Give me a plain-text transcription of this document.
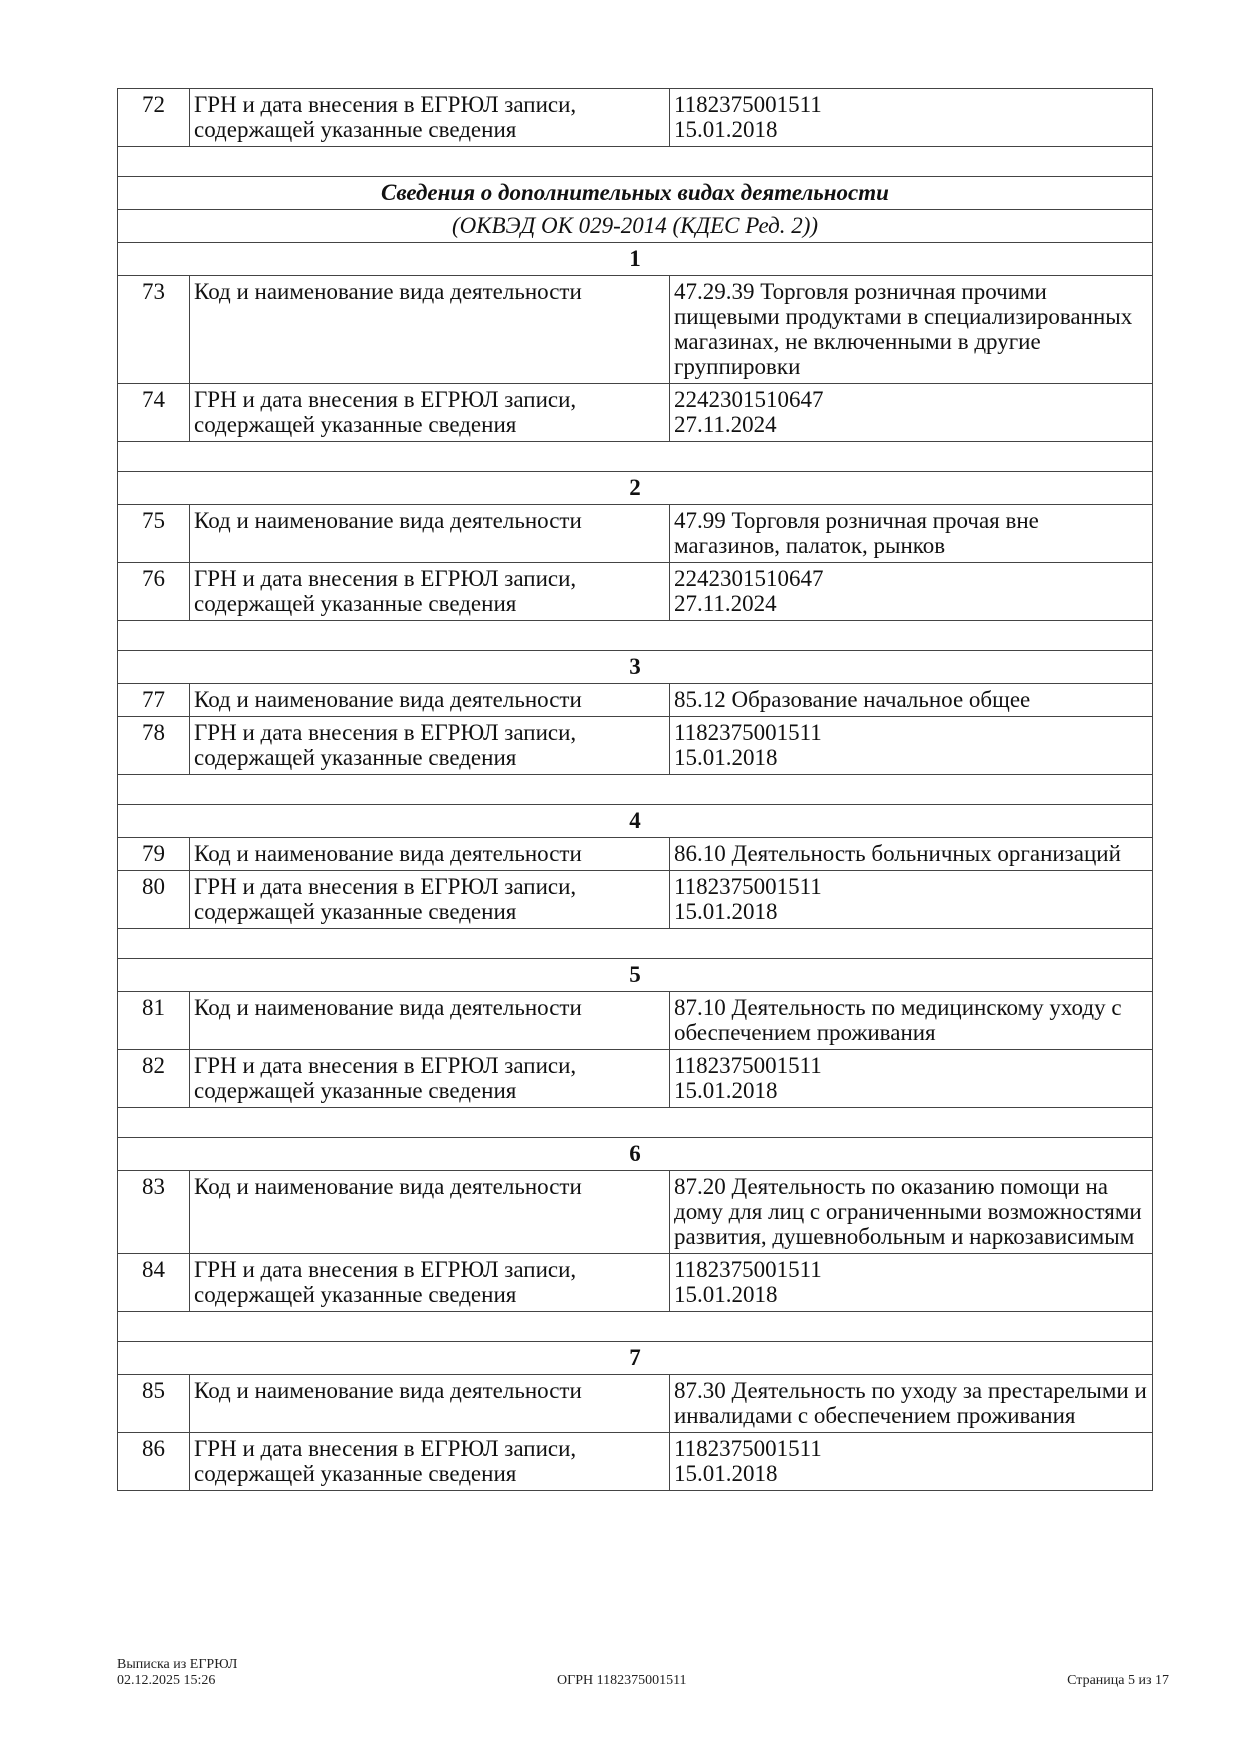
72	ГРН и дата внесения в ЕГРЮЛ записи, содержащей указанные сведения	1182375001511
15.01.2018

Сведения о дополнительных видах деятельности		
(ОКВЭД ОК 029-2014 (КДЕС Ред. 2))		
1		
73	Код и наименование вида деятельности	47.29.39 Торговля розничная прочими пищевыми продуктами в специализированных магазинах, не включенными в другие группировки
74	ГРН и дата внесения в ЕГРЮЛ записи, содержащей указанные сведения	2242301510647
27.11.2024

2		
75	Код и наименование вида деятельности	47.99 Торговля розничная прочая вне магазинов, палаток, рынков
76	ГРН и дата внесения в ЕГРЮЛ записи, содержащей указанные сведения	2242301510647
27.11.2024

3		
77	Код и наименование вида деятельности	85.12 Образование начальное общее
78	ГРН и дата внесения в ЕГРЮЛ записи, содержащей указанные сведения	1182375001511
15.01.2018

4		
79	Код и наименование вида деятельности	86.10 Деятельность больничных организаций
80	ГРН и дата внесения в ЕГРЮЛ записи, содержащей указанные сведения	1182375001511
15.01.2018

5		
81	Код и наименование вида деятельности	87.10 Деятельность по медицинскому уходу с обеспечением проживания
82	ГРН и дата внесения в ЕГРЮЛ записи, содержащей указанные сведения	1182375001511
15.01.2018

6		
83	Код и наименование вида деятельности	87.20 Деятельность по оказанию помощи на дому для лиц с ограниченными возможностями развития, душевнобольным и наркозависимым
84	ГРН и дата внесения в ЕГРЮЛ записи, содержащей указанные сведения	1182375001511
15.01.2018

7		
85	Код и наименование вида деятельности	87.30 Деятельность по уходу за престарелыми и инвалидами с обеспечением проживания
86	ГРН и дата внесения в ЕГРЮЛ записи, содержащей указанные сведения	1182375001511
15.01.2018
Выписка из ЕГРЮЛ
02.12.2025 15:26	ОГРН 1182375001511	Страница 5 из 17
